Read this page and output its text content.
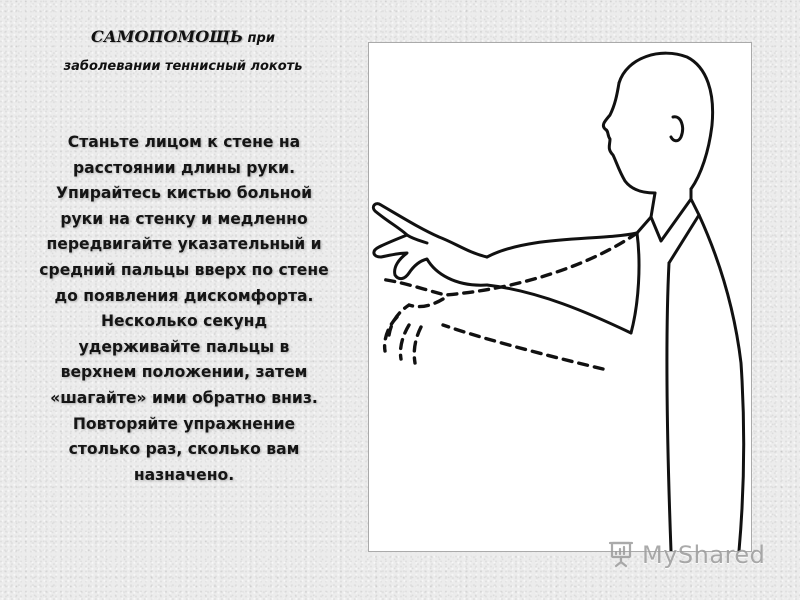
САМОПОМОЩЬ при заболевании теннисный локоть
Станьте лицом к стене на расстоянии длины руки. Упирайтесь кистью больной руки на стенку и медленно передвигайте указательный и средний пальцы вверх по стене до появления дискомфорта. Несколько секунд удерживайте пальцы в верхнем положении, затем «шагайте» ими обратно вниз. Повторяйте упражнение столько раз, сколько вам назначено.
MyShared
